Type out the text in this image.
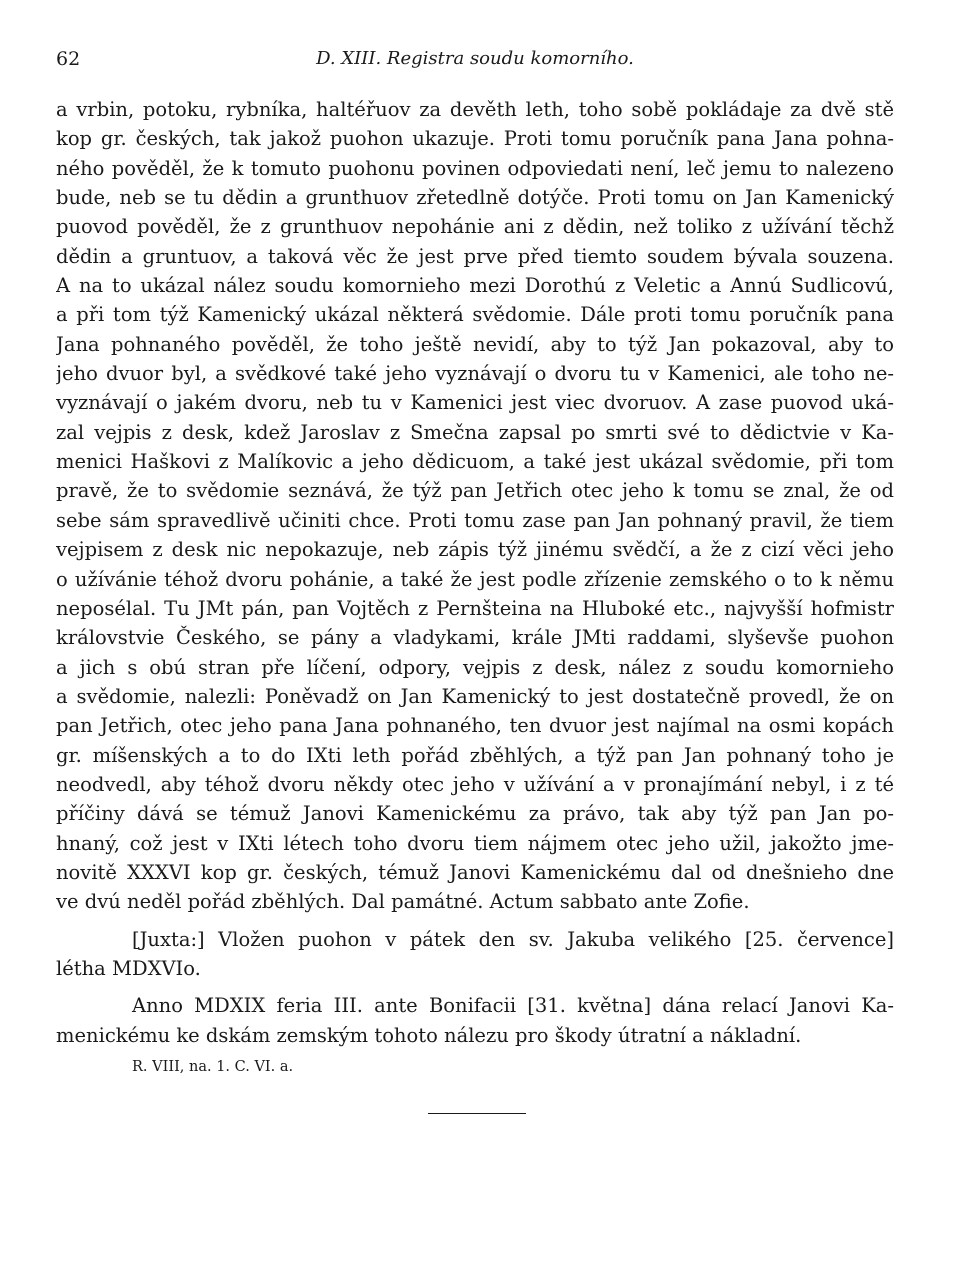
62	D. XIII. Registra soudu komorního.
a vrbin, potoku, rybníka, haltéřuov za devěth leth, toho sobě pokládaje za dvě stě
kop gr. českých, tak jakož puohon ukazuje. Proti tomu poručník pana Jana pohna-
ného pověděl, že k tomuto puohonu povinen odpoviedati není, leč jemu to nalezeno
bude, neb se tu dědin a grunthuov zřetedlně dotýče. Proti tomu on Jan Kamenický
puovod pověděl, že z grunthuov nepohánie ani z dědin, než toliko z užívání těchž
dědin a gruntuov, a taková věc že jest prve před tiemto soudem bývala souzena.
A na to ukázal nález soudu komornieho mezi Dorothú z Veletic a Annú Sudlicovú,
a při tom týž Kamenický ukázal některá svědomie. Dále proti tomu poručník pana
Jana pohnaného pověděl, že toho ještě nevidí, aby to týž Jan pokazoval, aby to
jeho dvuor byl, a svědkové také jeho vyznávají o dvoru tu v Kamenici, ale toho ne-
vyznávají o jakém dvoru, neb tu v Kamenici jest viec dvoruov. A zase puovod uká-
zal vejpis z desk, kdež Jaroslav z Smečna zapsal po smrti své to dědictvie v Ka-
menici Haškovi z Malíkovic a jeho dědicuom, a také jest ukázal svědomie, při tom
pravě, že to svědomie seznává, že týž pan Jetřich otec jeho k tomu se znal, že od
sebe sám spravedlivě učiniti chce. Proti tomu zase pan Jan pohnaný pravil, že tiem
vejpisem z desk nic nepokazuje, neb zápis týž jinému svědčí, a že z cizí věci jeho
o užívánie téhož dvoru pohánie, a také že jest podle zřízenie zemského o to k němu
neposélal. Tu JMt pán, pan Vojtěch z Pernšteina na Hluboké etc., najvyšší hofmistr
královstvie Českého, se pány a vladykami, krále JMti raddami, slyševše puohon
a jich s obú stran pře líčení, odpory, vejpis z desk, nález z soudu komornieho
a svědomie, nalezli: Poněvadž on Jan Kamenický to jest dostatečně provedl, že on
pan Jetřich, otec jeho pana Jana pohnaného, ten dvuor jest najímal na osmi kopách
gr. míšenských a to do IXti leth pořád zběhlých, a týž pan Jan pohnaný toho je
neodvedl, aby téhož dvoru někdy otec jeho v užívání a v pronajímání nebyl, i z té
příčiny dává se témuž Janovi Kamenickému za právo, tak aby týž pan Jan po-
hnaný, což jest v IXti létech toho dvoru tiem nájmem otec jeho užil, jakožto jme-
novitě XXXVI kop gr. českých, témuž Janovi Kamenickému dal od dnešnieho dne
ve dvú neděl pořád zběhlých. Dal památné. Actum sabbato ante Zofie.
[Juxta:] Vložen puohon v pátek den sv. Jakuba velikého [25. července]
létha MDXVIo.
Anno MDXIX feria III. ante Bonifacii [31. května] dána relací Janovi Ka-
menickému ke dskám zemským tohoto nálezu pro škody útratní a nákladní.
R. VIII, na. 1. C. VI. a.
